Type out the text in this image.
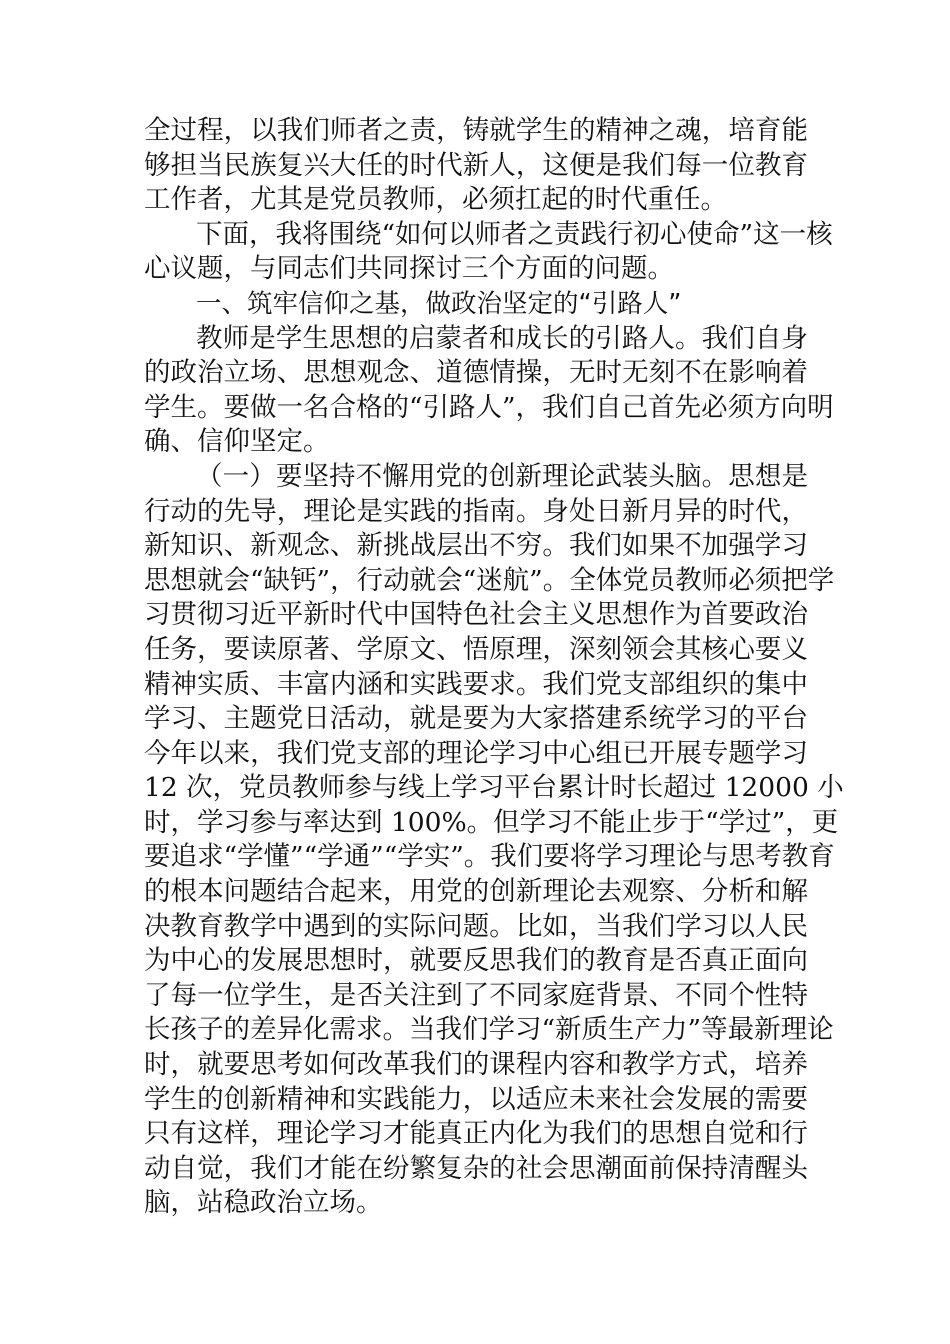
全过程，以我们师者之责，铸就学生的精神之魂，培育能
够担当民族复兴大任的时代新人，这便是我们每一位教育
工作者，尤其是党员教师，必须扛起的时代重任。
下面，我将围绕“如何以师者之责践行初心使命”这一核
心议题，与同志们共同探讨三个方面的问题。
一、筑牢信仰之基，做政治坚定的“引路人”
教师是学生思想的启蒙者和成长的引路人。我们自身
的政治立场、思想观念、道德情操，无时无刻不在影响着
学生。要做一名合格的“引路人”，我们自己首先必须方向明
确、信仰坚定。
（一）要坚持不懈用党的创新理论武装头脑。思想是
行动的先导，理论是实践的指南。身处日新月异的时代，
新知识、新观念、新挑战层出不穷。我们如果不加强学习
思想就会“缺钙”，行动就会“迷航”。全体党员教师必须把学
习贯彻习近平新时代中国特色社会主义思想作为首要政治
任务，要读原著、学原文、悟原理，深刻领会其核心要义
精神实质、丰富内涵和实践要求。我们党支部组织的集中
学习、主题党日活动，就是要为大家搭建系统学习的平台
今年以来，我们党支部的理论学习中心组已开展专题学习
12 次，党员教师参与线上学习平台累计时长超过 12000 小
时，学习参与率达到 100%。但学习不能止步于“学过”，更
要追求“学懂”“学通”“学实”。我们要将学习理论与思考教育
的根本问题结合起来，用党的创新理论去观察、分析和解
决教育教学中遇到的实际问题。比如，当我们学习以人民
为中心的发展思想时，就要反思我们的教育是否真正面向
了每一位学生，是否关注到了不同家庭背景、不同个性特
长孩子的差异化需求。当我们学习“新质生产力”等最新理论
时，就要思考如何改革我们的课程内容和教学方式，培养
学生的创新精神和实践能力，以适应未来社会发展的需要
只有这样，理论学习才能真正内化为我们的思想自觉和行
动自觉，我们才能在纷繁复杂的社会思潮面前保持清醒头
脑，站稳政治立场。
